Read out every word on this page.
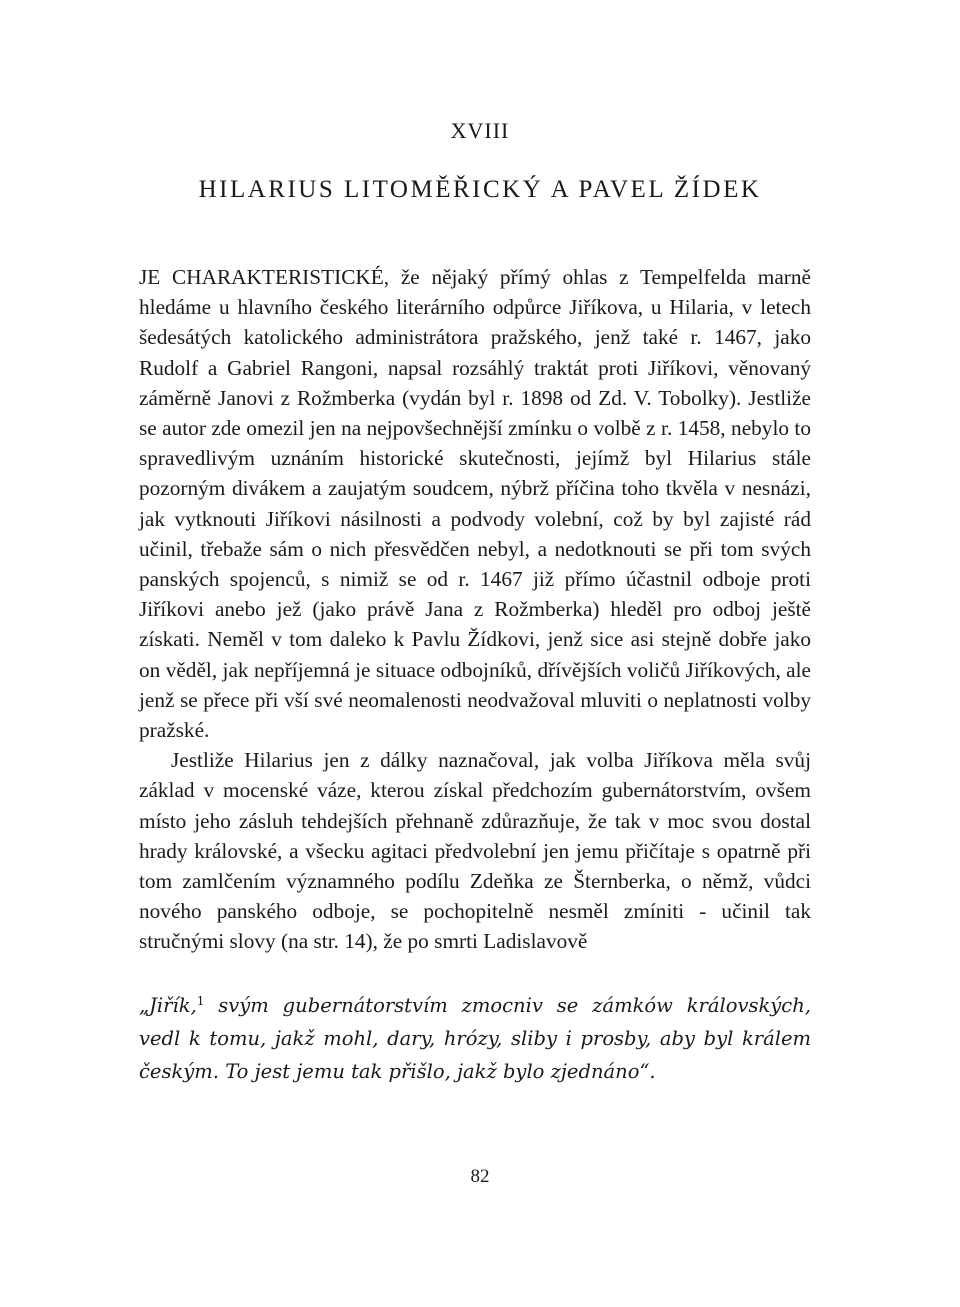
XVIII
HILARIUS LITOMĚŘICKÝ A PAVEL ŽÍDEK

JE CHARAKTERISTICKÉ, že nějaký přímý ohlas z Tempelfelda marně hledáme u hlavního českého literárního odpůrce Jiříkova, u Hilaria, v letech šedesátých katolického administrátora pražského, jenž také r. 1467, jako Rudolf a Gabriel Rangoni, napsal rozsáhlý traktát proti Jiříkovi, věnovaný záměrně Janovi z Rožmberka (vydán byl r. 1898 od Zd. V. Tobolky). Jestliže se autor zde omezil jen na nejpovšechnější zmínku o volbě z r. 1458, nebylo to spravedlivým uznáním historické skutečnosti, jejímž byl Hilarius stále pozorným divákem a zaujatým soudcem, nýbrž příčina toho tkvěla v nesnázi, jak vytknouti Jiříkovi násilnosti a podvody volební, což by byl zajisté rád učinil, třebaže sám o nich přesvědčen nebyl, a nedotknouti se při tom svých panských spojenců, s nimiž se od r. 1467 již přímo účastnil odboje proti Jiříkovi anebo jež (jako právě Jana z Rožmberka) hleděl pro odboj ještě získati. Neměl v tom daleko k Pavlu Žídkovi, jenž sice asi stejně dobře jako on věděl, jak nepříjemná je situace odbojníků, dřívějších voličů Jiříkových, ale jenž se přece při vší své neomalenosti neodvažoval mluviti o neplatnosti volby pražské.

Jestliže Hilarius jen z dálky naznačoval, jak volba Jiříkova měla svůj základ v mocenské váze, kterou získal předchozím gubernátorstvím, ovšem místo jeho zásluh tehdejších přehnaně zdůrazňuje, že tak v moc svou dostal hrady královské, a všecku agitaci předvolební jen jemu přičítaje s opatrně při tom zamlčením významného podílu Zdeňka ze Šternberka, o němž, vůdci nového panského odboje, se pochopitelně nesměl zmíniti - učinil tak stručnými slovy (na str. 14), že po smrti Ladislavově

„Jiřík,$^1$ svým gubernátorstvím zmocniv se zámków královských, vedl k tomu, jakž mohl, dary, hrózy, sliby i prosby, aby byl králem českým. To jest jemu tak přišlo, jakž bylo zjednáno“.
82
